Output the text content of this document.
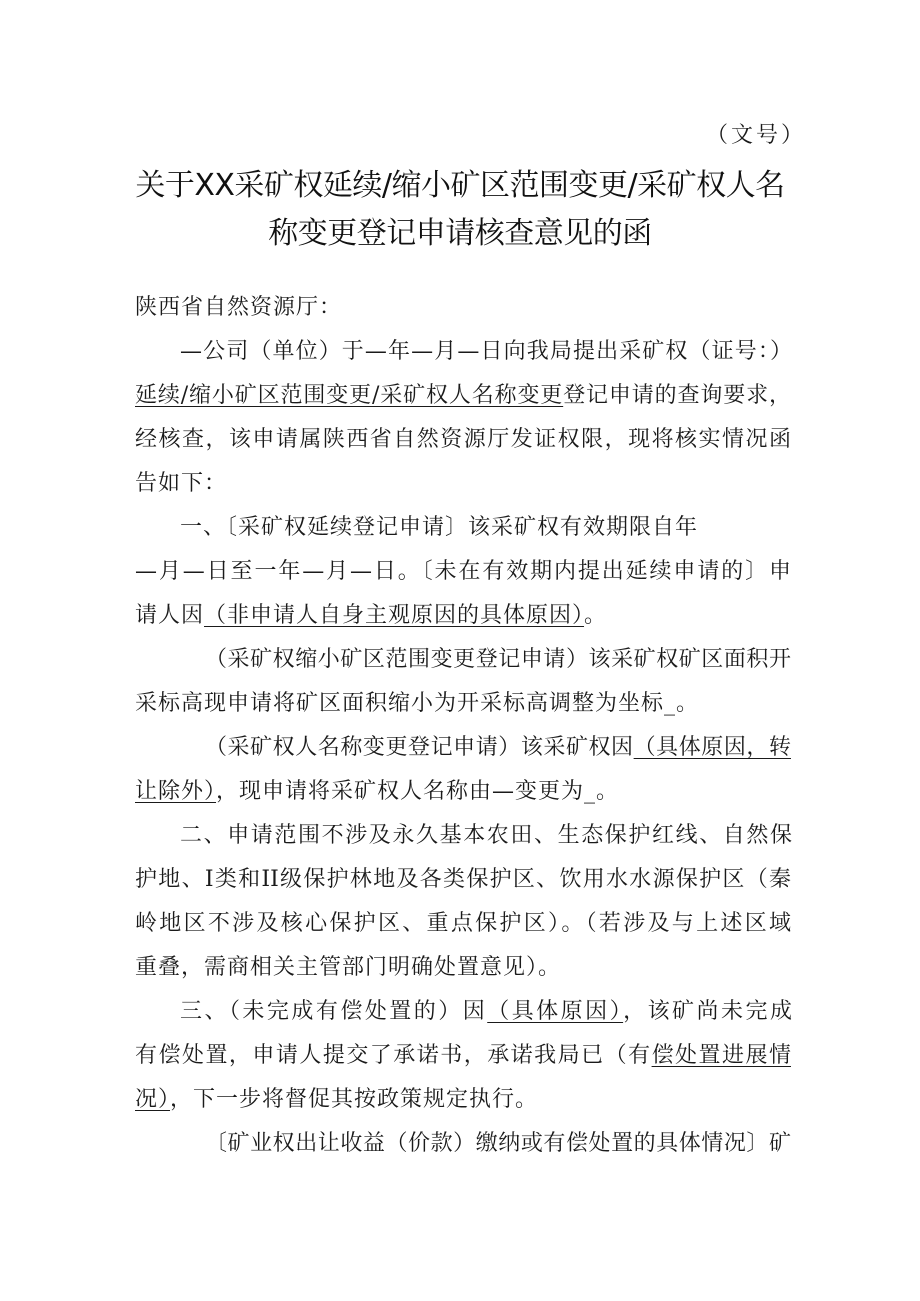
（文号）
关于XX采矿权延续/缩小矿区范围变更/采矿权人名
称变更登记申请核查意见的函
陕西省自然资源厅：
—公司（单位）于—年—月—日向我局提出采矿权（证号：）
延续/缩小矿区范围变更/采矿权人名称变更登记申请的查询要求，
经核查，该申请属陕西省自然资源厅发证权限，现将核实情况函
告如下：
一、〔采矿权延续登记申请〕该采矿权有效期限自年
—月—日至一年—月—日。〔未在有效期内提出延续申请的〕申
请人因（非申请人自身主观原因的具体原因）。
（采矿权缩小矿区范围变更登记申请）该采矿权矿区面积开
采标高现申请将矿区面积缩小为开采标高调整为坐标_。
（采矿权人名称变更登记申请）该采矿权因（具体原因，转
让除外），现申请将采矿权人名称由—变更为_。
二、申请范围不涉及永久基本农田、生态保护红线、自然保
护地、I类和II级保护林地及各类保护区、饮用水水源保护区（秦
岭地区不涉及核心保护区、重点保护区）。（若涉及与上述区域
重叠，需商相关主管部门明确处置意见）。
三、（未完成有偿处置的）因（具体原因），该矿尚未完成
有偿处置，申请人提交了承诺书，承诺我局已（有偿处置进展情
况），下一步将督促其按政策规定执行。
〔矿业权出让收益（价款）缴纳或有偿处置的具体情况〕矿
